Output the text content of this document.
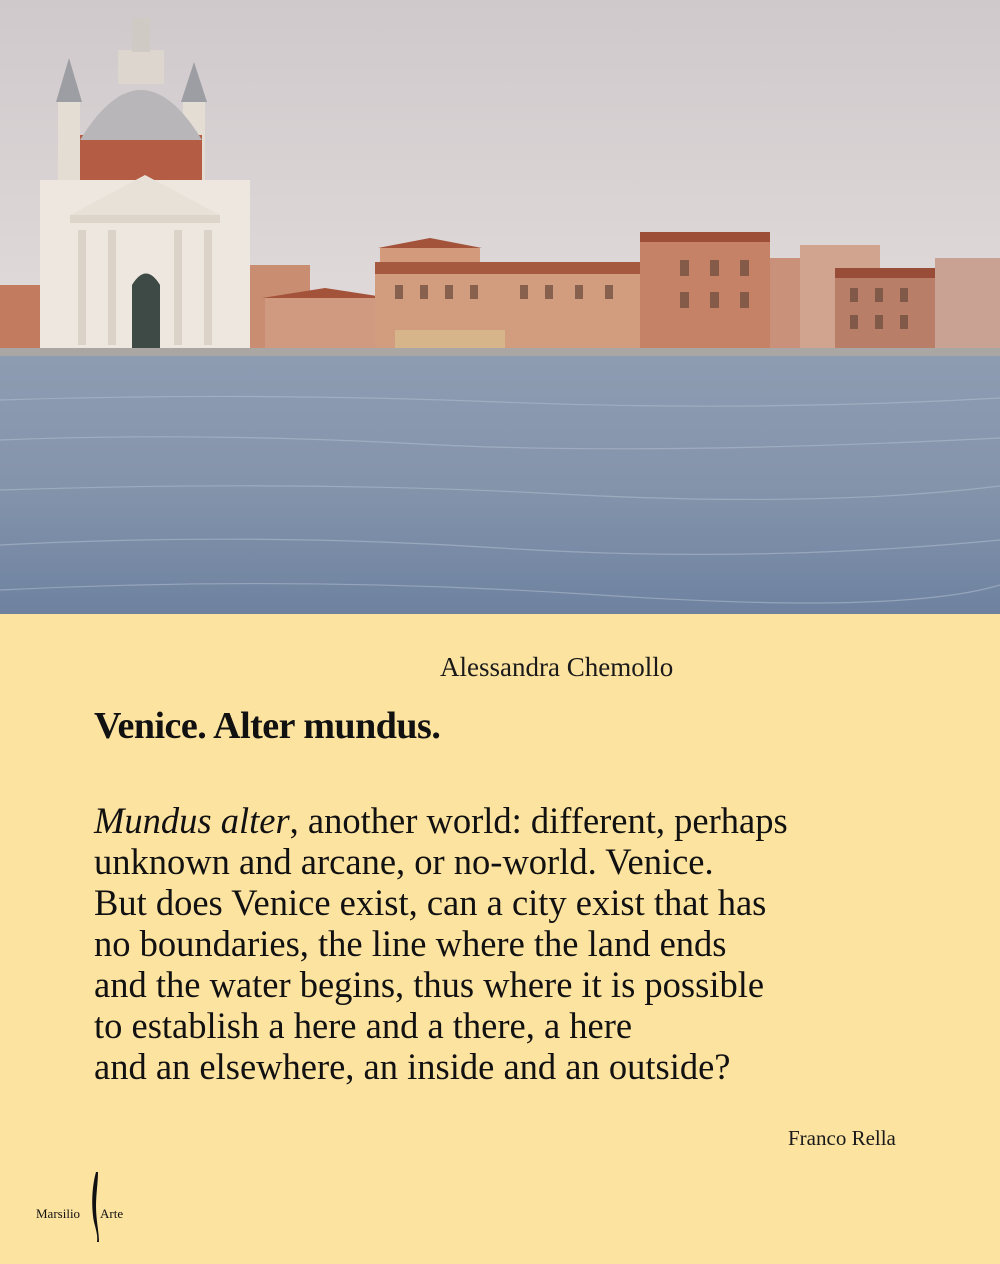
Alessandra Chemollo
Venice. Alter mundus.
Mundus alter, another world: different, perhaps
unknown and arcane, or no-world. Venice.
But does Venice exist, can a city exist that has
no boundaries, the line where the land ends
and the water begins, thus where it is possible
to establish a here and a there, a here
and an elsewhere, an inside and an outside?
Franco Rella
Marsilio Arte
